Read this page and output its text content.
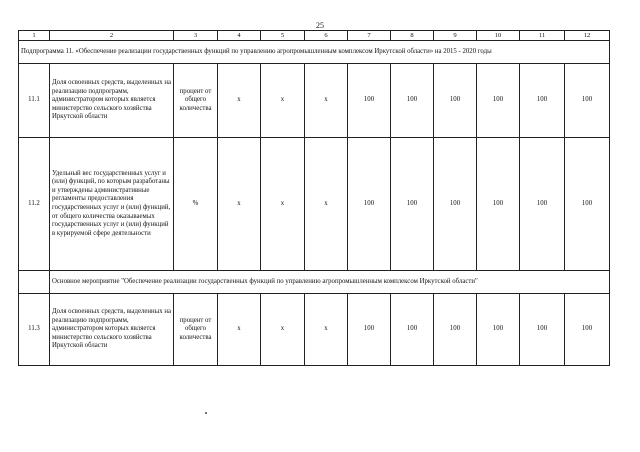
25
1	2	3	4	5	6	7	8	9	10	11	12
Подпрограмма 11. «Обеспечение реализации государственных функций по управлению агропромышленным комплексом Иркутской области» на 2015 - 2020 годы											
11.1	Доля освоенных средств, выделенных на реализацию подпрограмм, администратором которых является министерство сельского хозяйства Иркутской области	процент от общего количества	х	х	х	100	100	100	100	100	100
11.2	Удельный вес государственных услуг и (или) функций, по которым разработаны и утверждены административные регламенты предоставления государственных услуг и (или) функций, от общего количества оказываемых государственных услуг и (или) функций в курируемой сфере деятельности	%	х	х	х	100	100	100	100	100	100
	Основное мероприятие "Обеспечение реализации государственных функций по управлению агропромышленным комплексом Иркутской области"										
11.3	Доля освоенных средств, выделенных на реализацию подпрограмм, администратором которых является министерство сельского хозяйства Иркутской области	процент от общего количества	х	х	х	100	100	100	100	100	100
